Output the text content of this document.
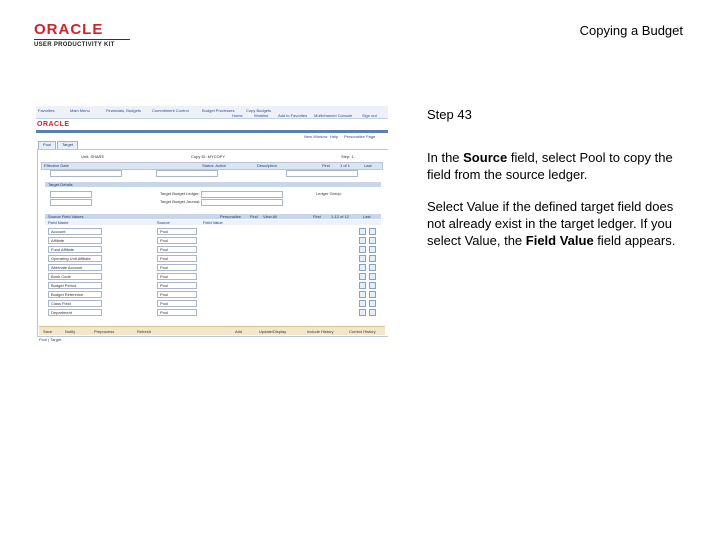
ORACLE
USER PRODUCTIVITY KIT
Copying a Budget
Step 43
In the Source field, select Pool to copy the field from the source ledger.
Select Value if the defined target field does not already exist in the target ledger. If you select Value, the Field Value field appears.
Favorites	Main Menu	Financials, Budgets	Commitment Control	Budget Processes	Copy Budgets
Home	Worklist Add to Favorites Multichannel Console Sign out
ORACLE
New Window Help Personalize Page
Pool	Target
Unit: SHARE	Copy ID: MYCOPY	Step: 1
Effective Date	Status: Active	Description	First	1 of 1	Last
Target Details
Target Budget Ledger:
Target Budget Journal:
Ledger Group:
Source Field Values	Personalize Find View All	First	1-12 of 12	Last
Field Name	Source	Field Value
Account	Pool
Affiliate	Pool
Fund Affiliate	Pool
Operating Unit Affiliate	Pool
Alternate Account	Pool
Book Code	Pool
Budget Period	Pool
Budget Reference	Pool
Class Field	Pool
Department	Pool
Save	Notify	Preprocess	Refresh	Add	Update/Display	Include History	Correct History
Pool | Target
